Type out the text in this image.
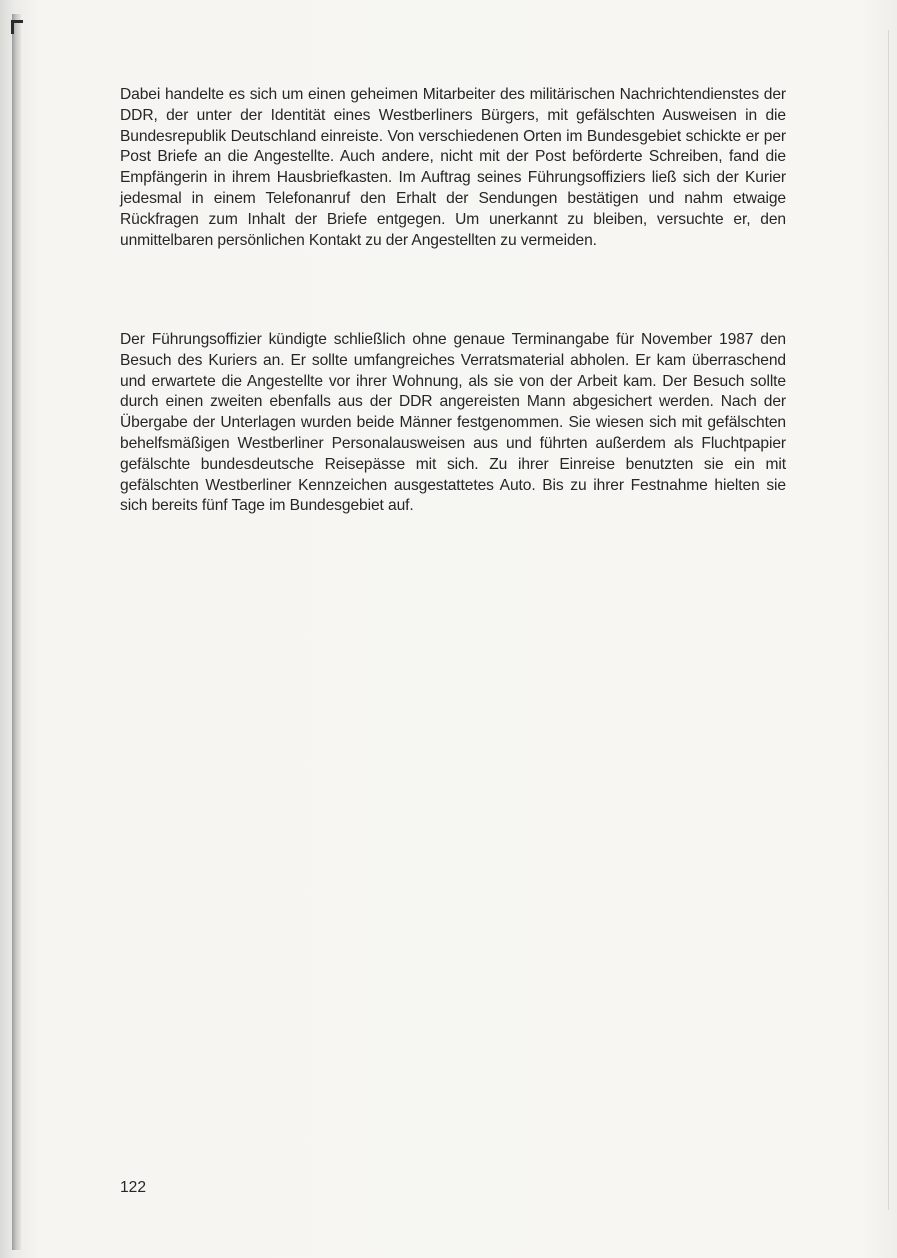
Dabei handelte es sich um einen geheimen Mitarbeiter des militärischen Nachrichtendienstes der DDR, der unter der Identität eines Westberliners Bürgers, mit gefälschten Ausweisen in die Bundesrepublik Deutschland einreiste. Von verschiedenen Orten im Bundesgebiet schickte er per Post Briefe an die Angestellte. Auch andere, nicht mit der Post beförderte Schreiben, fand die Empfängerin in ihrem Hausbriefkasten. Im Auftrag seines Führungsoffiziers ließ sich der Kurier jedesmal in einem Telefonanruf den Erhalt der Sendungen bestätigen und nahm etwaige Rückfragen zum Inhalt der Briefe entgegen. Um unerkannt zu bleiben, versuchte er, den unmittelbaren persönlichen Kontakt zu der Angestellten zu vermeiden.

Der Führungsoffizier kündigte schließlich ohne genaue Terminangabe für November 1987 den Besuch des Kuriers an. Er sollte umfangreiches Verratsmaterial abholen. Er kam überraschend und erwartete die Angestellte vor ihrer Wohnung, als sie von der Arbeit kam. Der Besuch sollte durch einen zweiten ebenfalls aus der DDR angereisten Mann abgesichert werden. Nach der Übergabe der Unterlagen wurden beide Männer festgenommen. Sie wiesen sich mit gefälschten behelfsmäßigen Westberliner Personalausweisen aus und führten außerdem als Fluchtpapier gefälschte bundesdeutsche Reisepässe mit sich. Zu ihrer Einreise benutzten sie ein mit gefälschten Westberliner Kennzeichen ausgestattetes Auto. Bis zu ihrer Festnahme hielten sie sich bereits fünf Tage im Bundesgebiet auf.

122
